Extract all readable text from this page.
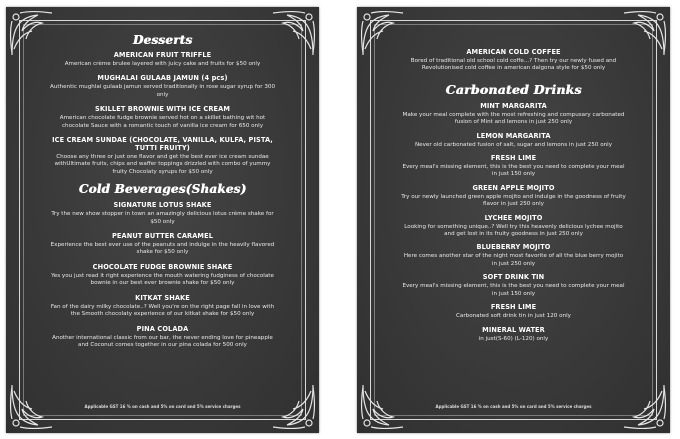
Desserts
AMERICAN FRUIT TRIFFLE
American crème brulee layered with juicy cake and fruits for $50 only
MUGHALAI GULAAB JAMUN (4 pcs)
Authentic mughlai gulaab jamun served traditionally in rose sugar syrup for 300 only
SKILLET BROWNIE WITH ICE CREAM
American chocolate fudge brownie served hot on a skillet bathing wit hot chocolate Sauce with a romantic touch of vanilla ice cream for 650 only
ICE CREAM SUNDAE (CHOCOLATE, VANILLA, KULFA, PISTA, TUTTI FRUITY)
Choose any three or just one flavor and get the best ever ice cream sundae withUltimate fruits, chips and waffer toppings drizzled with combo of yummy fruity Chocolaty syrups for $50 only
Cold Beverages(Shakes)
SIGNATURE LOTUS SHAKE
Try the new show stopper in town an amazingly delicious lotus crème shake for $50 only
PEANUT BUTTER CARAMEL
Experience the best ever use of the peanuts and indulge in the heavily flavored shake for $50 only
CHOCOLATE FUDGE BROWNIE SHAKE
Yes you just read it right experience the mouth watering fudginess of chocolate bownie in our best ever brownie shake for $50 only
KITKAT SHAKE
Fan of the dairy milky chocolate..? Well you're on the right page fall in love with the Smooth chocolaty experience of our kitkat shake for $50 only
PINA COLADA
Another international classic from our bar, the never ending love for pineapple and Coconut comes together in our pina colada for 500 only
Applicable GST 16 % on cash and 5% on card and 5% service charges
AMERICAN COLD COFFEE
Bored of traditional old school cold coffe...? Then try our newly fused and Revolutionised cold coffee in american dalgona style for $50 only
Carbonated Drinks
MINT MARGARITA
Make your meal complete with the most refreshing and compusary carbonated fusion of Mint and lemons in just 250 only
LEMON MARGARITA
Never old carbonated fusion of salt, sugar and lemons in just 250 only
FRESH LIME
Every meal's missing element, this is the best you need to complete your meal in just 150 only
GREEN APPLE MOJITO
Try our newly launched green apple mojito and indulge in the goodness of fruity flavor in just 250 only
LYCHEE MOJITO
Looking for something unique..? Well try this heavenly delicious lychee mojito and get lost in its fruity goodness in just 250 only
BLUEBERRY MOJITO
Here comes another star of the night most favorite of all the blue berry mojito in just 250 only
SOFT DRINK TIN
Every meal's missing element, this is the best you need to complete your meal in just 150 only
FRESH LIME
Carbonated soft drink tin in just 120 only
MINERAL WATER
in just(S-60) (L-120) only
Applicable GST 16 % on cash and 5% on card and 5% service charges
